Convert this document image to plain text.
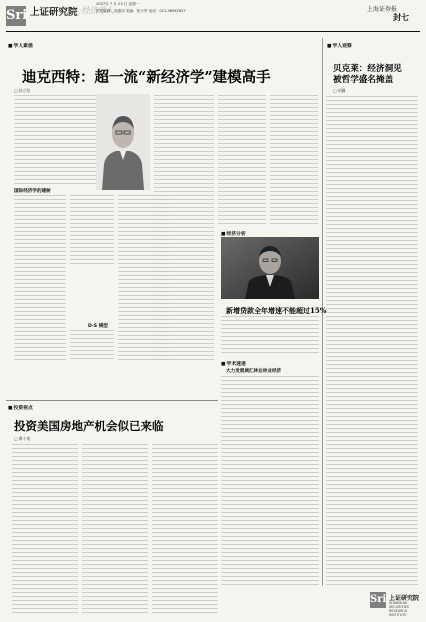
Sri 上证研究院 ·经济学人
2007年 7 月 23 日 星期一
责任编辑：周惠岗 美编：张小军 电话：021-38967827	上海证券报
封七
■ 学人素描
迪克西特：超一流“新经济学”建模高手
□ 孙立坚
国际经济学的建树
D-S 模型
■ 学人观察
贝克莱：经济洞见被哲学盛名掩盖
□ 胡骥
■ 经济分析
新增贷款全年增速不能超过15%
■ 学术速递
大力发展城汇林业林业经济
■ 投资视点
投资美国房地产机会似已来临
□ 廖十南
Sri 上证研究院
SHANGHAI SECURITIES RESEARCH INSTITUTE
